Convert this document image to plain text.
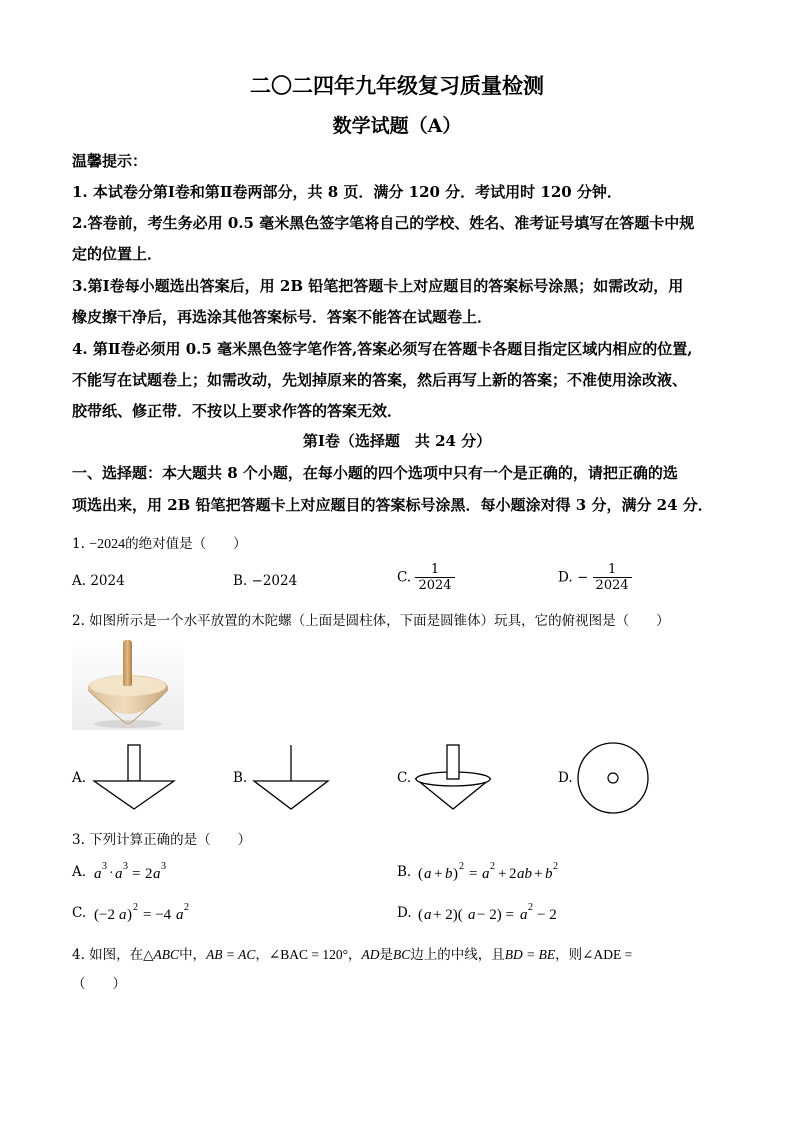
二〇二四年九年级复习质量检测
数学试题（A）
温馨提示：
1. 本试卷分第Ⅰ卷和第Ⅱ卷两部分，共 8 页．满分 120 分．考试用时 120 分钟．
2.答卷前，考生务必用 0.5 毫米黑色签字笔将自己的学校、姓名、准考证号填写在答题卡中规
定的位置上．
3.第Ⅰ卷每小题选出答案后，用 2B 铅笔把答题卡上对应题目的答案标号涂黑；如需改动，用
橡皮擦干净后，再选涂其他答案标号．答案不能答在试题卷上．
4. 第Ⅱ卷必须用 0.5 毫米黑色签字笔作答,答案必须写在答题卡各题目指定区域内相应的位置,
不能写在试题卷上；如需改动，先划掉原来的答案，然后再写上新的答案；不准使用涂改液、
胶带纸、修正带．不按以上要求作答的答案无效．
第Ⅰ卷（选择题　共 24 分）
一、选择题：本大题共 8 个小题，在每小题的四个选项中只有一个是正确的，请把正确的选
项选出来，用 2B 铅笔把答题卡上对应题目的答案标号涂黑．每小题涂对得 3 分，满分 24 分．
1. −2024的绝对值是（　　）
A. 2024	B. −2024	C. $\frac{1}{2024}$	D. − $\frac{1}{2024}$
2. 如图所示是一个水平放置的木陀螺（上面是圆柱体，下面是圆锥体）玩具，它的俯视图是（　　）
A.	B.	C.	D.
3. 下列计算正确的是（　　）
A. a 3 · a 3 = 2 a 3	B. ( a + b ) 2 = a 2 + 2 ab + b 2
C. (−2 a ) 2 = −4 a 2	D. ( a + 2)( a − 2) = a 2 − 2
4. 如图，在△ABC中，AB = AC，∠BAC = 120°，AD是BC边上的中线，且BD = BE，则∠ADE =
（　　）
